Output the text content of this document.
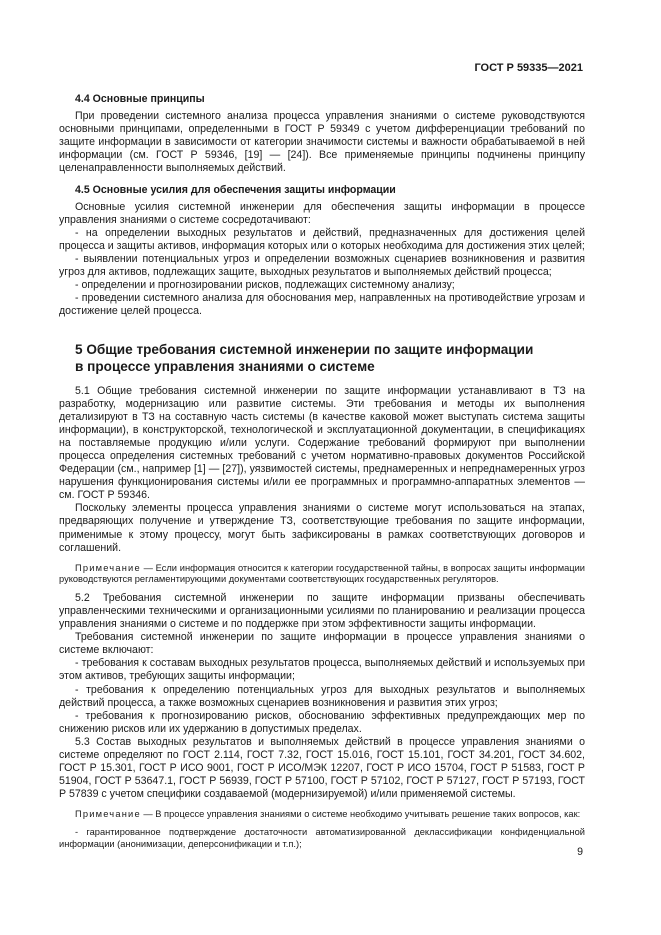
ГОСТ Р 59335—2021
4.4 Основные принципы

При проведении системного анализа процесса управления знаниями о системе руководствуются основными принципами, определенными в ГОСТ Р 59349 с учетом дифференциации требований по защите информации в зависимости от категории значимости системы и важности обрабатываемой в ней информации (см. ГОСТ Р 59346, [19] — [24]). Все применяемые принципы подчинены принципу целенаправленности выполняемых действий.

4.5 Основные усилия для обеспечения защиты информации

Основные усилия системной инженерии для обеспечения защиты информации в процессе управления знаниями о системе сосредотачивают:

- на определении выходных результатов и действий, предназначенных для достижения целей процесса и защиты активов, информация которых или о которых необходима для достижения этих целей;

- выявлении потенциальных угроз и определении возможных сценариев возникновения и развития угроз для активов, подлежащих защите, выходных результатов и выполняемых действий процесса;

- определении и прогнозировании рисков, подлежащих системному анализу;

- проведении системного анализа для обоснования мер, направленных на противодействие угрозам и достижение целей процесса.

5 Общие требования системной инженерии по защите информации
в процессе управления знаниями о системе

5.1 Общие требования системной инженерии по защите информации устанавливают в ТЗ на разработку, модернизацию или развитие системы. Эти требования и методы их выполнения детализируют в ТЗ на составную часть системы (в качестве каковой может выступать система защиты информации), в конструкторской, технологической и эксплуатационной документации, в спецификациях на поставляемые продукцию и/или услуги. Содержание требований формируют при выполнении процесса определения системных требований с учетом нормативно-правовых документов Российской Федерации (см., например [1] — [27]), уязвимостей системы, преднамеренных и непреднамеренных угроз нарушения функционирования системы и/или ее программных и программно-аппаратных элементов — см. ГОСТ Р 59346.

Поскольку элементы процесса управления знаниями о системе могут использоваться на этапах, предваряющих получение и утверждение ТЗ, соответствующие требования по защите информации, применимые к этому процессу, могут быть зафиксированы в рамках соответствующих договоров и соглашений.

Примечание — Если информация относится к категории государственной тайны, в вопросах защиты информации руководствуются регламентирующими документами соответствующих государственных регуляторов.

5.2 Требования системной инженерии по защите информации призваны обеспечивать управленческими техническими и организационными усилиями по планированию и реализации процесса управления знаниями о системе и по поддержке при этом эффективности защиты информации.

Требования системной инженерии по защите информации в процессе управления знаниями о системе включают:

- требования к составам выходных результатов процесса, выполняемых действий и используемых при этом активов, требующих защиты информации;

- требования к определению потенциальных угроз для выходных результатов и выполняемых действий процесса, а также возможных сценариев возникновения и развития этих угроз;

- требования к прогнозированию рисков, обоснованию эффективных предупреждающих мер по снижению рисков или их удержанию в допустимых пределах.

5.3 Состав выходных результатов и выполняемых действий в процессе управления знаниями о системе определяют по ГОСТ 2.114, ГОСТ 7.32, ГОСТ 15.016, ГОСТ 15.101, ГОСТ 34.201, ГОСТ 34.602, ГОСТ Р 15.301, ГОСТ Р ИСО 9001, ГОСТ Р ИСО/МЭК 12207, ГОСТ Р ИСО 15704, ГОСТ Р 51583, ГОСТ Р 51904, ГОСТ Р 53647.1, ГОСТ Р 56939, ГОСТ Р 57100, ГОСТ Р 57102, ГОСТ Р 57127, ГОСТ Р 57193, ГОСТ Р 57839 с учетом специфики создаваемой (модернизируемой) и/или применяемой системы.

Примечание — В процессе управления знаниями о системе необходимо учитывать решение таких вопросов, как:

- гарантированное подтверждение достаточности автоматизированной деклассификации конфиденциальной информации (анонимизации, деперсонификации и т.п.);

9
